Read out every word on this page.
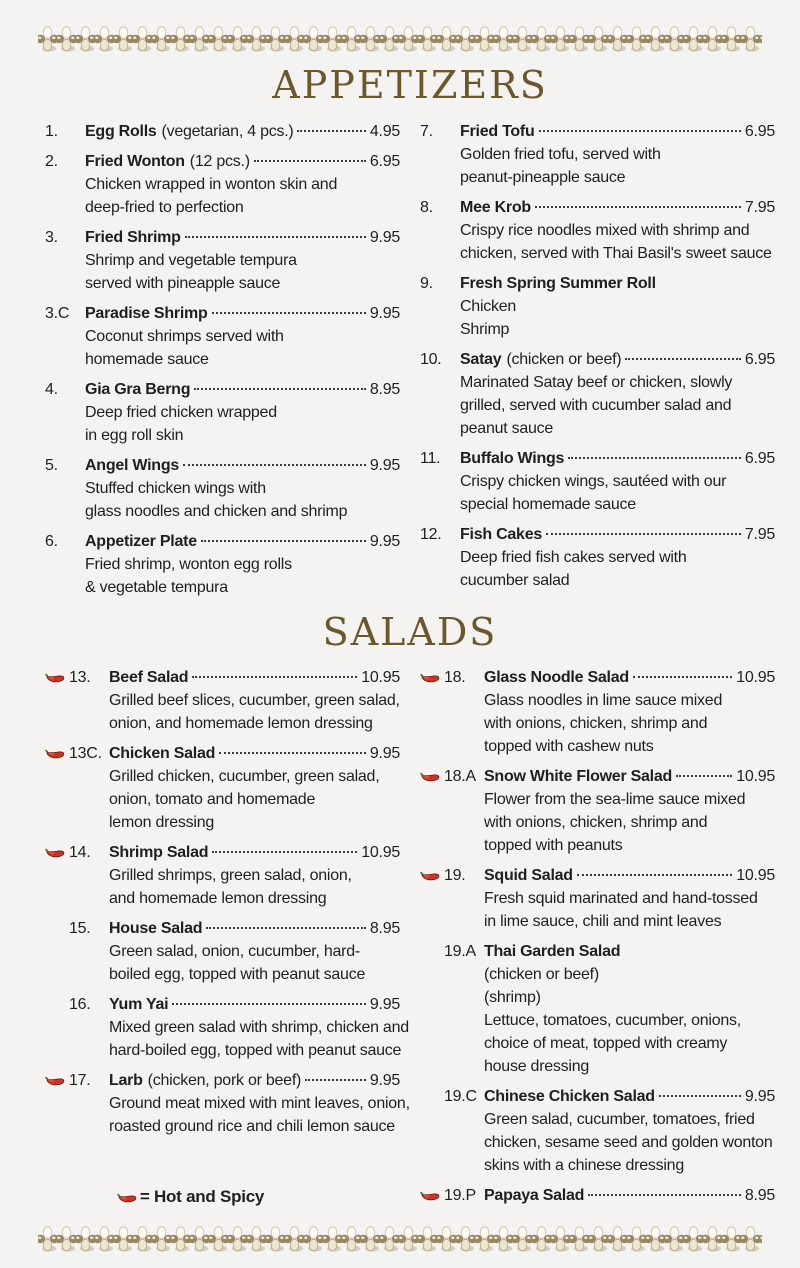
APPETIZERS
1.	Egg Rolls (vegetarian, 4 pcs.)	4.95
2.	Fried Wonton (12 pcs.)	6.95
Chicken wrapped in wonton skin and
deep-fried to perfection
3.	Fried Shrimp	9.95
Shrimp and vegetable tempura
served with pineapple sauce
3.C Paradise Shrimp	9.95
Coconut shrimps served with
homemade sauce
4.	Gia Gra Berng	8.95
Deep fried chicken wrapped
in egg roll skin
5.	Angel Wings	9.95
Stuffed chicken wings with
glass noodles and chicken and shrimp
6.	Appetizer Plate	9.95
Fried shrimp, wonton egg rolls
& vegetable tempura
7.	Fried Tofu	6.95
Golden fried tofu, served with
peanut-pineapple sauce
8.	Mee Krob	7.95
Crispy rice noodles mixed with shrimp and
chicken, served with Thai Basil's sweet sauce
9.	Fresh Spring Summer Roll
Chicken
Shrimp
10.	Satay (chicken or beef)	6.95
Marinated Satay beef or chicken, slowly
grilled, served with cucumber salad and
peanut sauce
11.	Buffalo Wings	6.95
Crispy chicken wings, sautéed with our
special homemade sauce
12.	Fish Cakes	7.95
Deep fried fish cakes served with
cucumber salad
SALADS
13.	Beef Salad	10.95
Grilled beef slices, cucumber, green salad,
onion, and homemade lemon dressing
13C. Chicken Salad	9.95
Grilled chicken, cucumber, green salad,
onion, tomato and homemade
lemon dressing
14.	Shrimp Salad	10.95
Grilled shrimps, green salad, onion,
and homemade lemon dressing
15.	House Salad	8.95
Green salad, onion, cucumber, hard-
boiled egg, topped with peanut sauce
16.	Yum Yai	9.95
Mixed green salad with shrimp, chicken and
hard-boiled egg, topped with peanut sauce
17.	Larb (chicken, pork or beef)	9.95
Ground meat mixed with mint leaves, onion,
roasted ground rice and chili lemon sauce
= Hot and Spicy
18.	Glass Noodle Salad	10.95
Glass noodles in lime sauce mixed
with onions, chicken, shrimp and
topped with cashew nuts
18.A Snow White Flower Salad	10.95
Flower from the sea-lime sauce mixed
with onions, chicken, shrimp and
topped with peanuts
19.	Squid Salad	10.95
Fresh squid marinated and hand-tossed
in lime sauce, chili and mint leaves
19.A Thai Garden Salad
(chicken or beef)
(shrimp)
Lettuce, tomatoes, cucumber, onions,
choice of meat, topped with creamy
house dressing
19.C Chinese Chicken Salad	9.95
Green salad, cucumber, tomatoes, fried
chicken, sesame seed and golden wonton
skins with a chinese dressing
19.P Papaya Salad	8.95
